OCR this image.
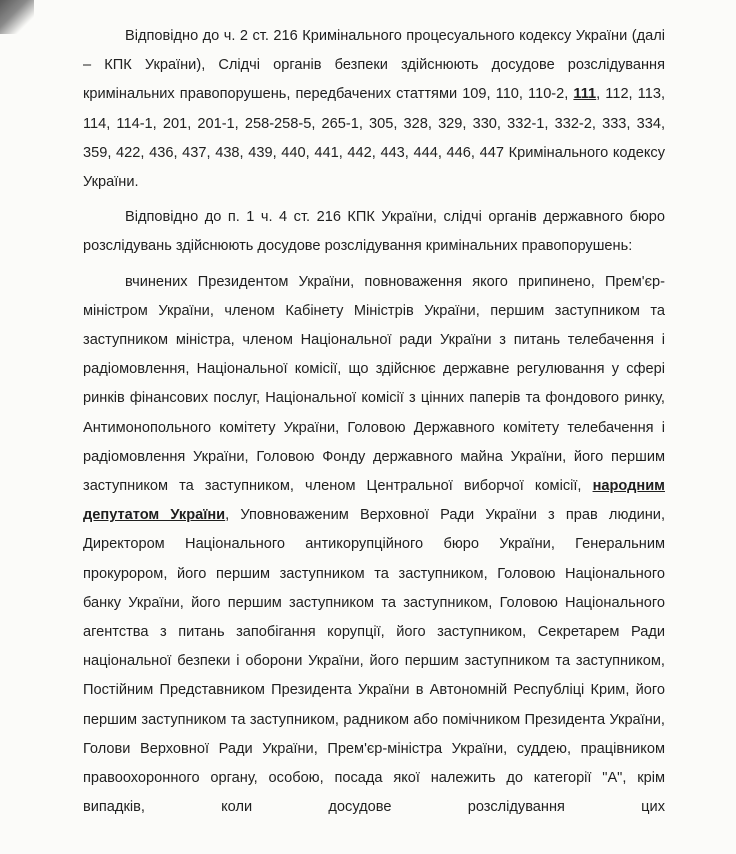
Відповідно до ч. 2 ст. 216 Кримінального процесуального кодексу України (далі – КПК України), Слідчі органів безпеки здійснюють досудове розслідування кримінальних правопорушень, передбачених статтями 109, 110, 110-2, 111, 112, 113, 114, 114-1, 201, 201-1, 258-258-5, 265-1, 305, 328, 329, 330, 332-1, 332-2, 333, 334, 359, 422, 436, 437, 438, 439, 440, 441, 442, 443, 444, 446, 447 Кримінального кодексу України.

Відповідно до п. 1 ч. 4 ст. 216 КПК України, слідчі органів державного бюро розслідувань здійснюють досудове розслідування кримінальних правопорушень:

вчинених Президентом України, повноваження якого припинено, Прем'єр-міністром України, членом Кабінету Міністрів України, першим заступником та заступником міністра, членом Національної ради України з питань телебачення і радіомовлення, Національної комісії, що здійснює державне регулювання у сфері ринків фінансових послуг, Національної комісії з цінних паперів та фондового ринку, Антимонопольного комітету України, Головою Державного комітету телебачення і радіомовлення України, Головою Фонду державного майна України, його першим заступником та заступником, членом Центральної виборчої комісії, народним депутатом України, Уповноваженим Верховної Ради України з прав людини, Директором Національного антикорупційного бюро України, Генеральним прокурором, його першим заступником та заступником, Головою Національного банку України, його першим заступником та заступником, Головою Національного агентства з питань запобігання корупції, його заступником, Секретарем Ради національної безпеки і оборони України, його першим заступником та заступником, Постійним Представником Президента України в Автономній Республіці Крим, його першим заступником та заступником, радником або помічником Президента України, Голови Верховної Ради України, Прем'єр-міністра України, суддею, працівником правоохоронного органу, особою, посада якої належить до категорії "А", крім випадків, коли досудове розслідування цих
